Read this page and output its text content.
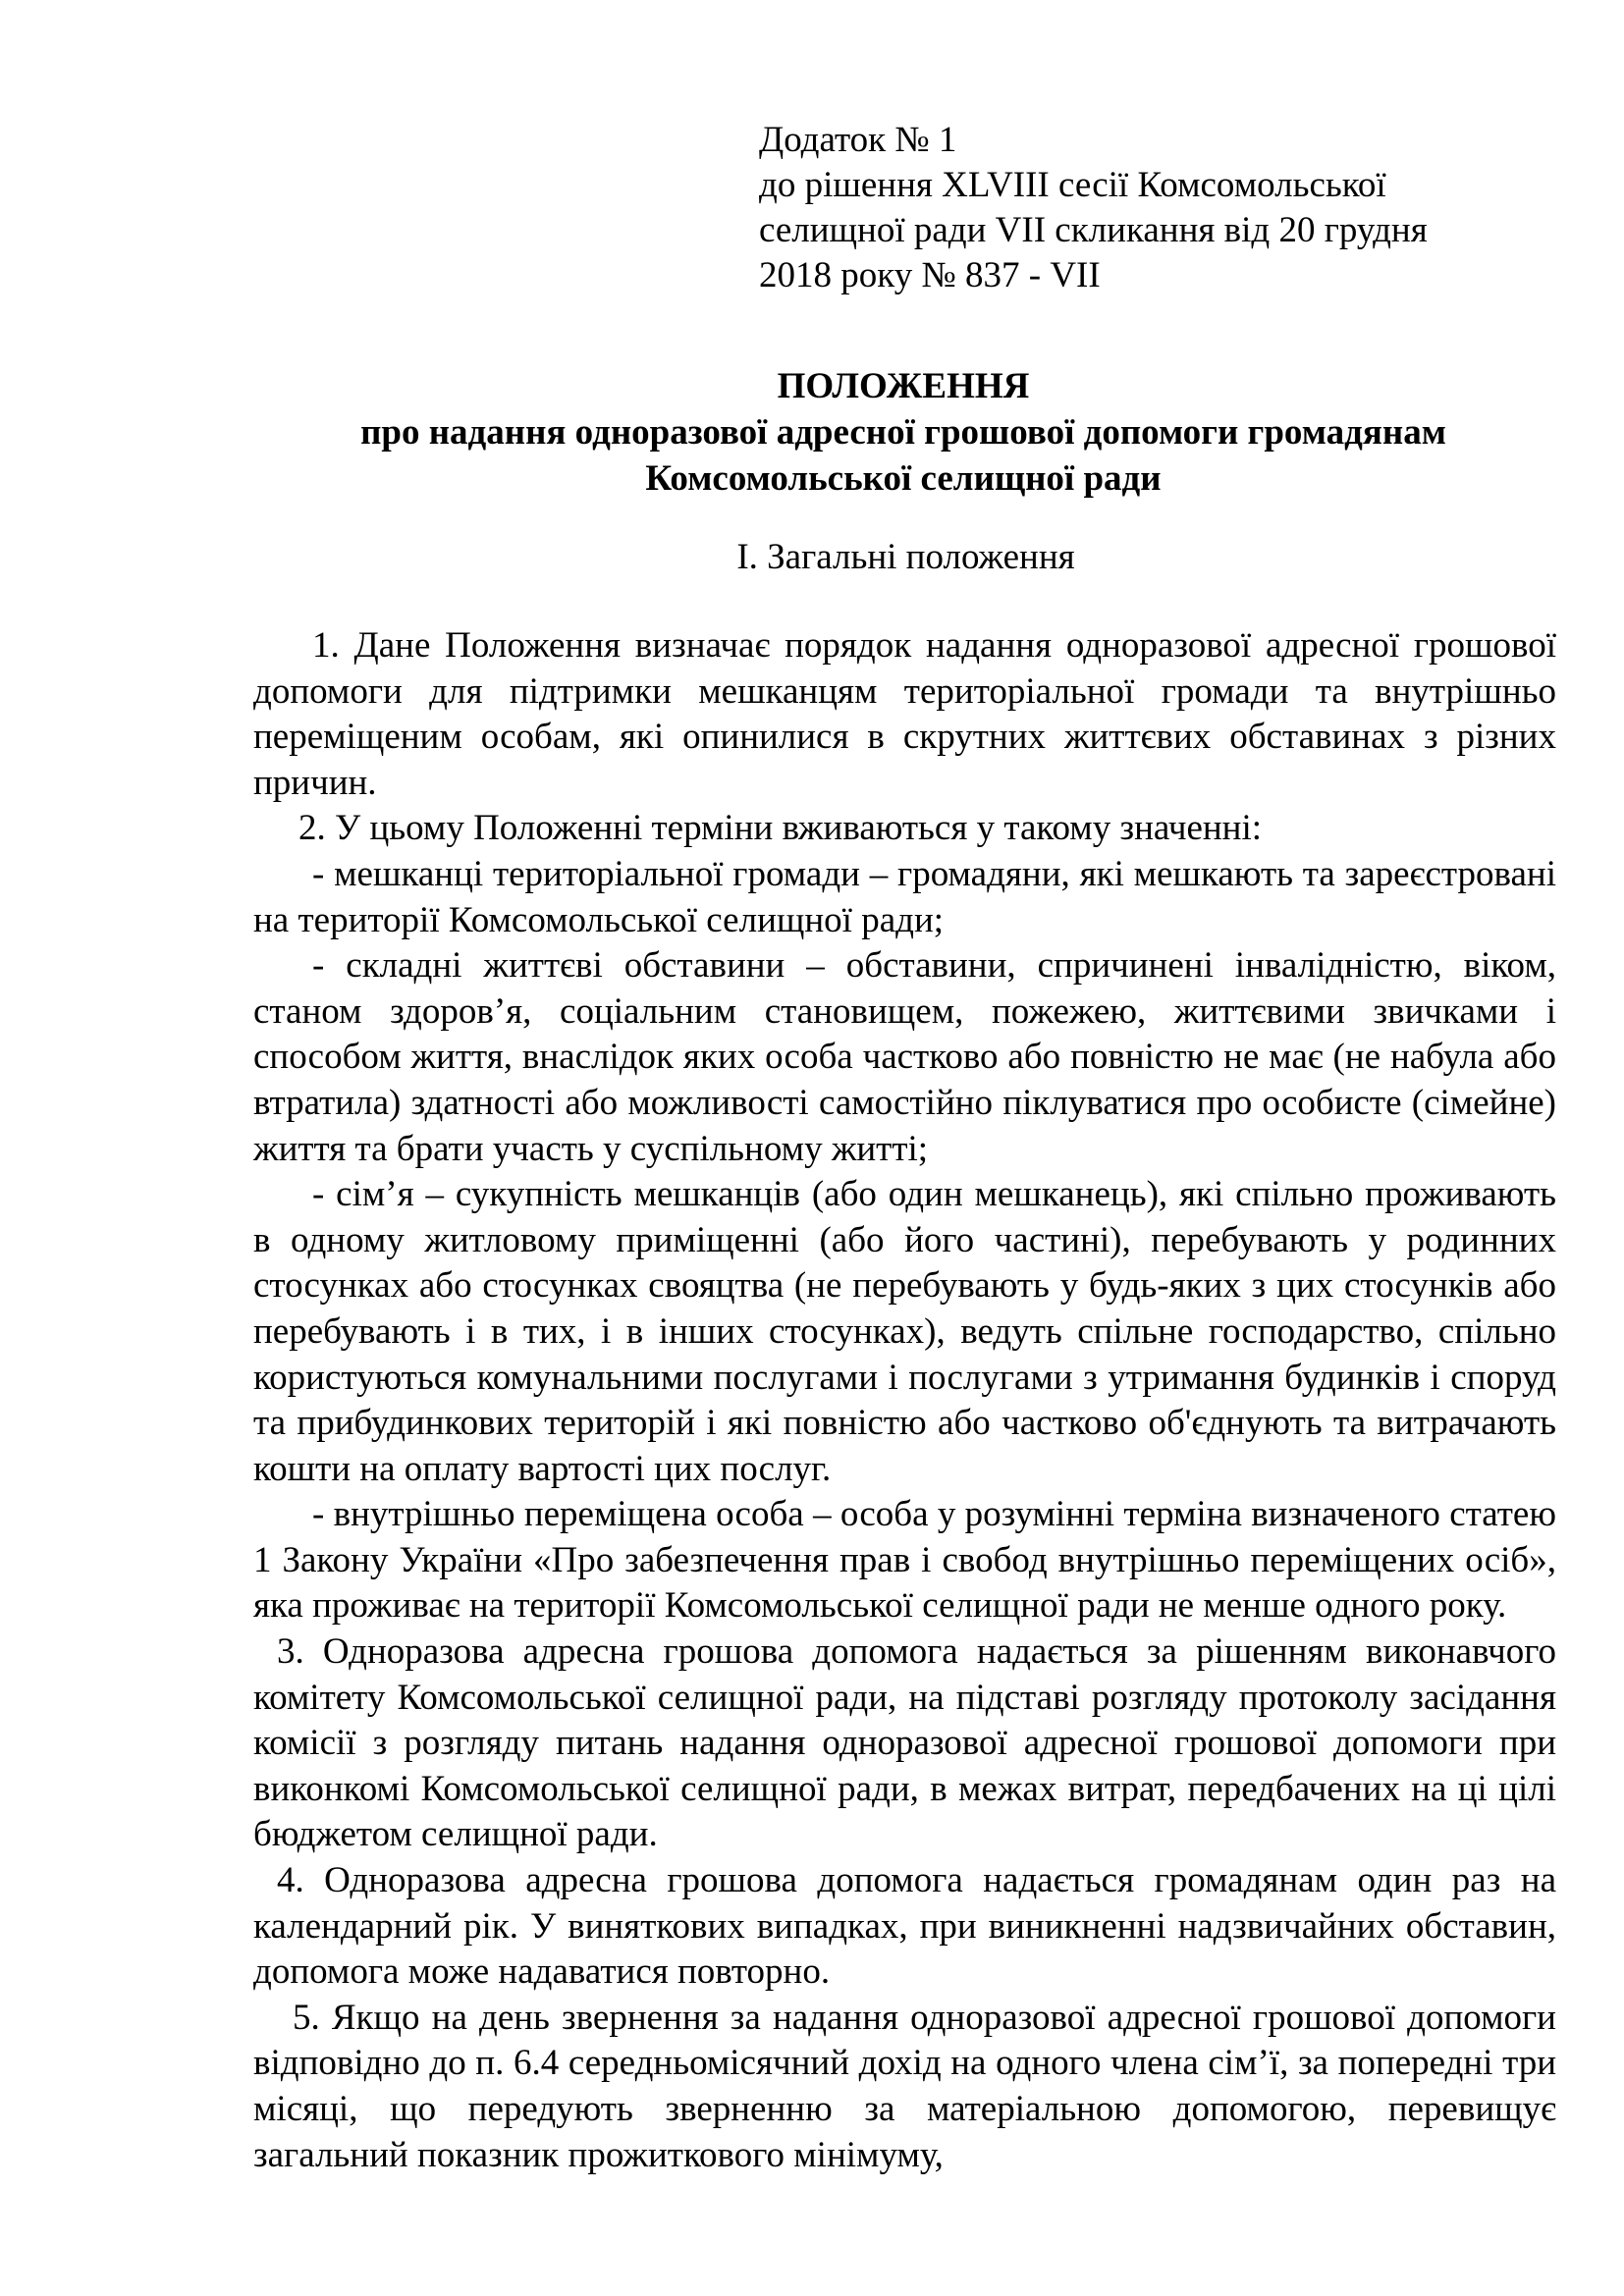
Додаток № 1
до рішення XLVIII сесії Комсомольської
селищної ради VII скликання від 20 грудня
2018 року № 837 - VII
ПОЛОЖЕННЯ
про надання одноразової адресної грошової допомоги громадянам
Комсомольської селищної ради
I. Загальні положення

1. Дане Положення визначає порядок надання одноразової адресної грошової допомоги для підтримки мешканцям територіальної громади та внутрішньо переміщеним особам, які опинилися в скрутних життєвих обставинах з різних причин.

2. У цьому Положенні терміни вживаються у такому значенні:

- мешканці територіальної громади – громадяни, які мешкають та зареєстровані на території Комсомольської селищної ради;

- складні життєві обставини – обставини, спричинені інвалідністю, віком, станом здоров’я, соціальним становищем, пожежею, життєвими звичками і способом життя, внаслідок яких особа частково або повністю не має (не набула або втратила) здатності або можливості самостійно піклуватися про особисте (сімейне) життя та брати участь у суспільному житті;

- сім’я – сукупність мешканців (або один мешканець), які спільно проживають в одному житловому приміщенні (або його частині), перебувають у родинних стосунках або стосунках свояцтва (не перебувають у будь-яких з цих стосунків або перебувають і в тих, і в інших стосунках), ведуть спільне господарство, спільно користуються комунальними послугами і послугами з утримання будинків і споруд та прибудинкових територій і які повністю або частково об'єднують та витрачають кошти на оплату вартості цих послуг.

- внутрішньо переміщена особа – особа у розумінні терміна визначеного статею 1 Закону України «Про забезпечення прав і свобод внутрішньо переміщених осіб», яка проживає на території Комсомольської селищної ради не менше одного року.

3. Одноразова адресна грошова допомога надається за рішенням виконавчого комітету Комсомольської селищної ради, на підставі розгляду протоколу засідання комісії з розгляду питань надання одноразової адресної грошової допомоги при виконкомі Комсомольської селищної ради, в межах витрат, передбачених на ці цілі бюджетом селищної ради.

4. Одноразова адресна грошова допомога надається громадянам один раз на календарний рік. У виняткових випадках, при виникненні надзвичайних обставин, допомога може надаватися повторно.

5. Якщо на день звернення за надання одноразової адресної грошової допомоги відповідно до п. 6.4 середньомісячний дохід на одного члена сім’ї, за попередні три місяці, що передують зверненню за матеріальною допомогою, перевищує загальний показник прожиткового мінімуму,
